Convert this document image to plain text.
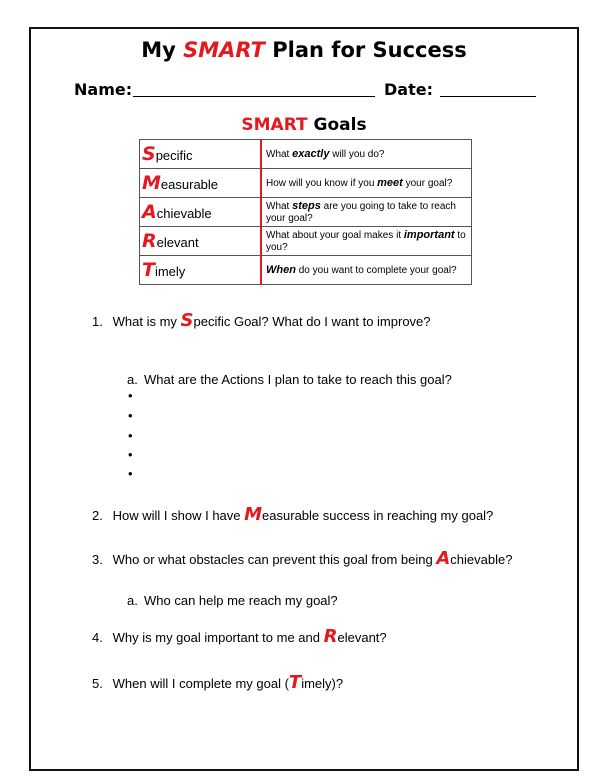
My SMART Plan for Success
Name:	Date:
SMART Goals
Specific	What exactly will you do?
Measurable	How will you know if you meet your goal?
Achievable	What steps are you going to take to reach your goal?
Relevant	What about your goal makes it important to you?
Timely	When do you want to complete your goal?
1. What is my Specific Goal? What do I want to improve?
a. What are the Actions I plan to take to reach this goal?
•
•
•
•
•
2. How will I show I have Measurable success in reaching my goal?
3. Who or what obstacles can prevent this goal from being Achievable?
a. Who can help me reach my goal?
4. Why is my goal important to me and Relevant?
5. When will I complete my goal (Timely)?
